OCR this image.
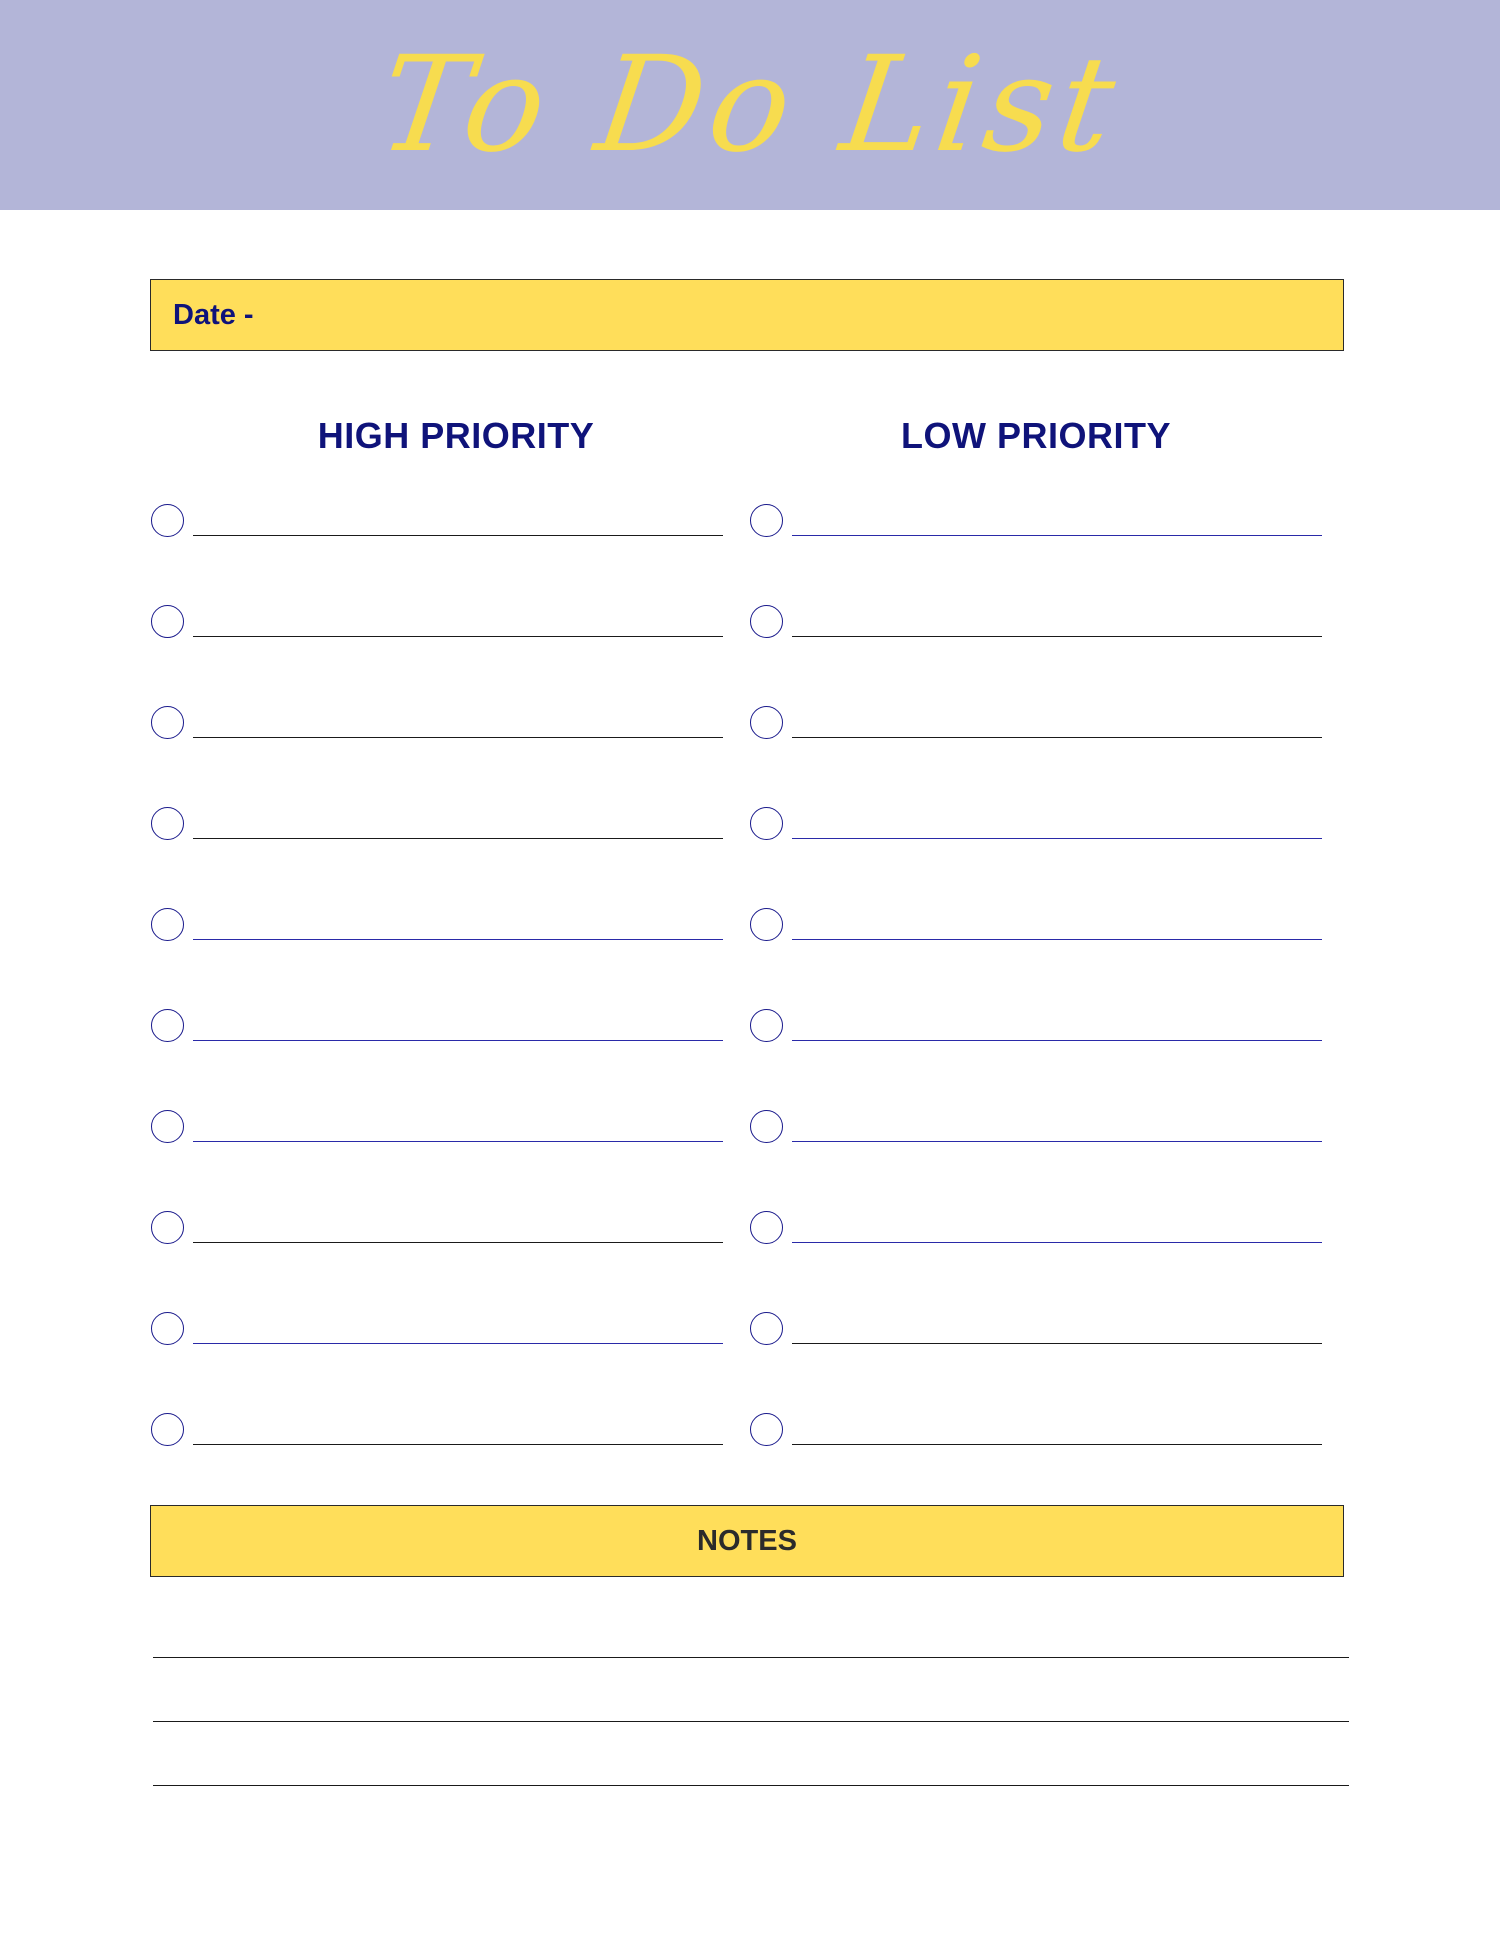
To Do List
Date -
HIGH PRIORITY	LOW PRIORITY
NOTES
